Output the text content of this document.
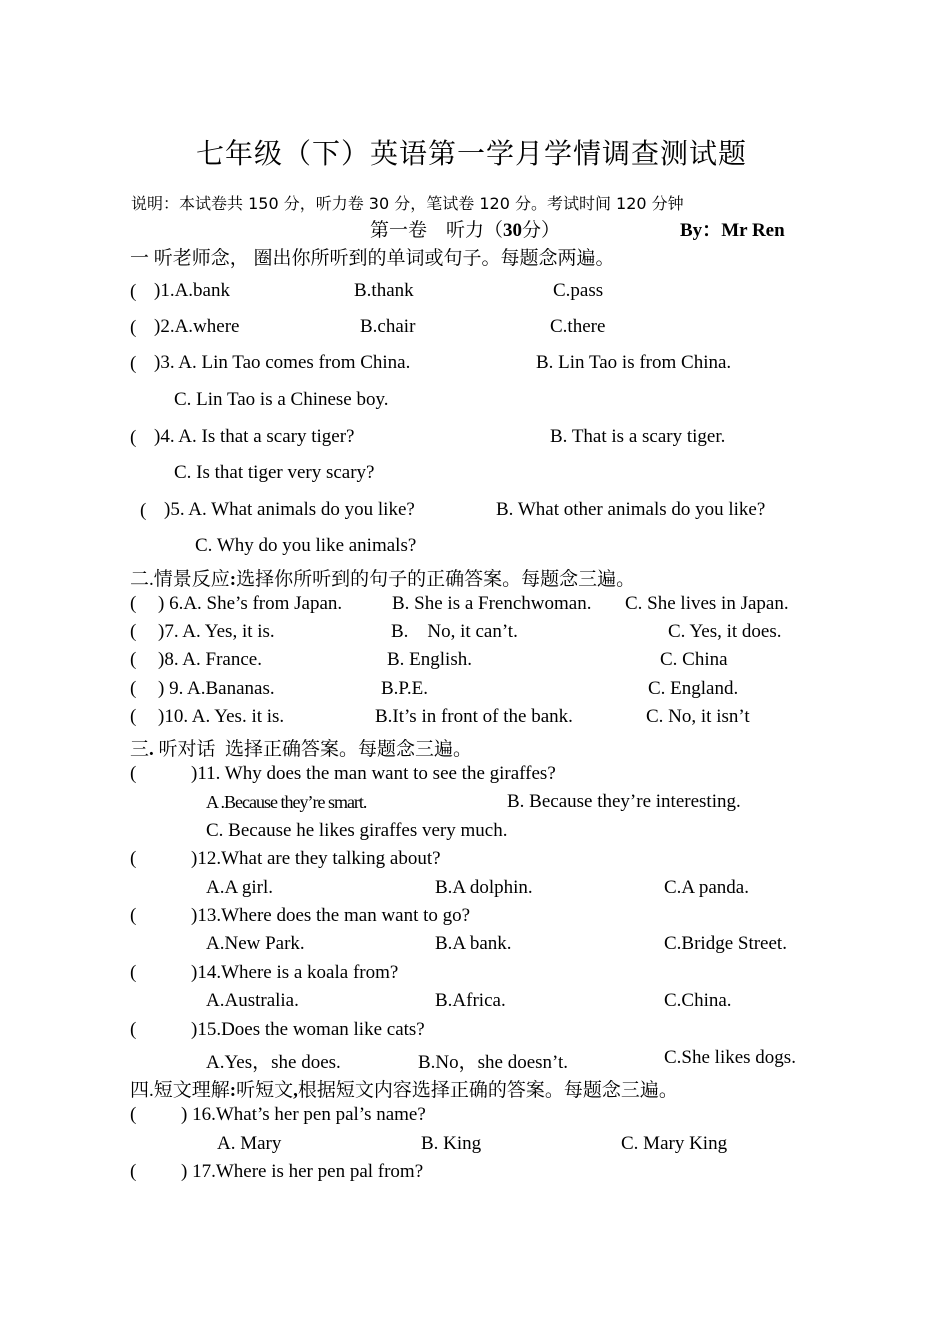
七年级（下）英语第一学月学情调查测试题
说明：本试卷共 150 分，听力卷 30 分，笔试卷 120 分。考试时间 120 分钟
第一卷　听力（30分）	By：Mr Ren
一 听老师念， 圈出你所听到的单词或句子。每题念两遍。
( )1.A.bank	B.thank	C.pass
( )2.A.where	B.chair	C.there
( )3. A. Lin Tao comes from China.	B. Lin Tao is from China.
C. Lin Tao is a Chinese boy.
( )4. A. Is that a scary tiger?	B. That is a scary tiger.
C. Is that tiger very scary?
( )5. A. What animals do you like?	B. What other animals do you like?
C. Why do you like animals?
二.情景反应:选择你所听到的句子的正确答案。每题念三遍。
( ) 6.A. She’s from Japan.	B. She is a Frenchwoman. C. She lives in Japan.
( )7. A. Yes, it is.	B.    No, it can’t.	C. Yes, it does.
( )8. A. France.	B. English.	C. China
( ) 9. A.Bananas.	B.P.E.	C. England.
( )10. A. Yes. it is.	B.It’s in front of the bank.	C. No, it isn’t
三. 听对话  选择正确答案。每题念三遍。
(	)11. Why does the man want to see the giraffes?
A .Because they’re smart.	B. Because they’re interesting.
C. Because he likes giraffes very much.
(	)12.What are they talking about?
A.A girl.	B.A dolphin.	C.A panda.
(	)13.Where does the man want to go?
A.New Park.	B.A bank.	C.Bridge Street.
(	)14.Where is a koala from?
A.Australia.	B.Africa.	C.China.
(	)15.Does the woman like cats?
A.Yes，she does.	B.No，she doesn’t.	C.She likes dogs.
四.短文理解:听短文,根据短文内容选择正确的答案。每题念三遍。
( ) 16.What’s her pen pal’s name?
A. Mary	B. King	C. Mary King
( ) 17.Where is her pen pal from?
